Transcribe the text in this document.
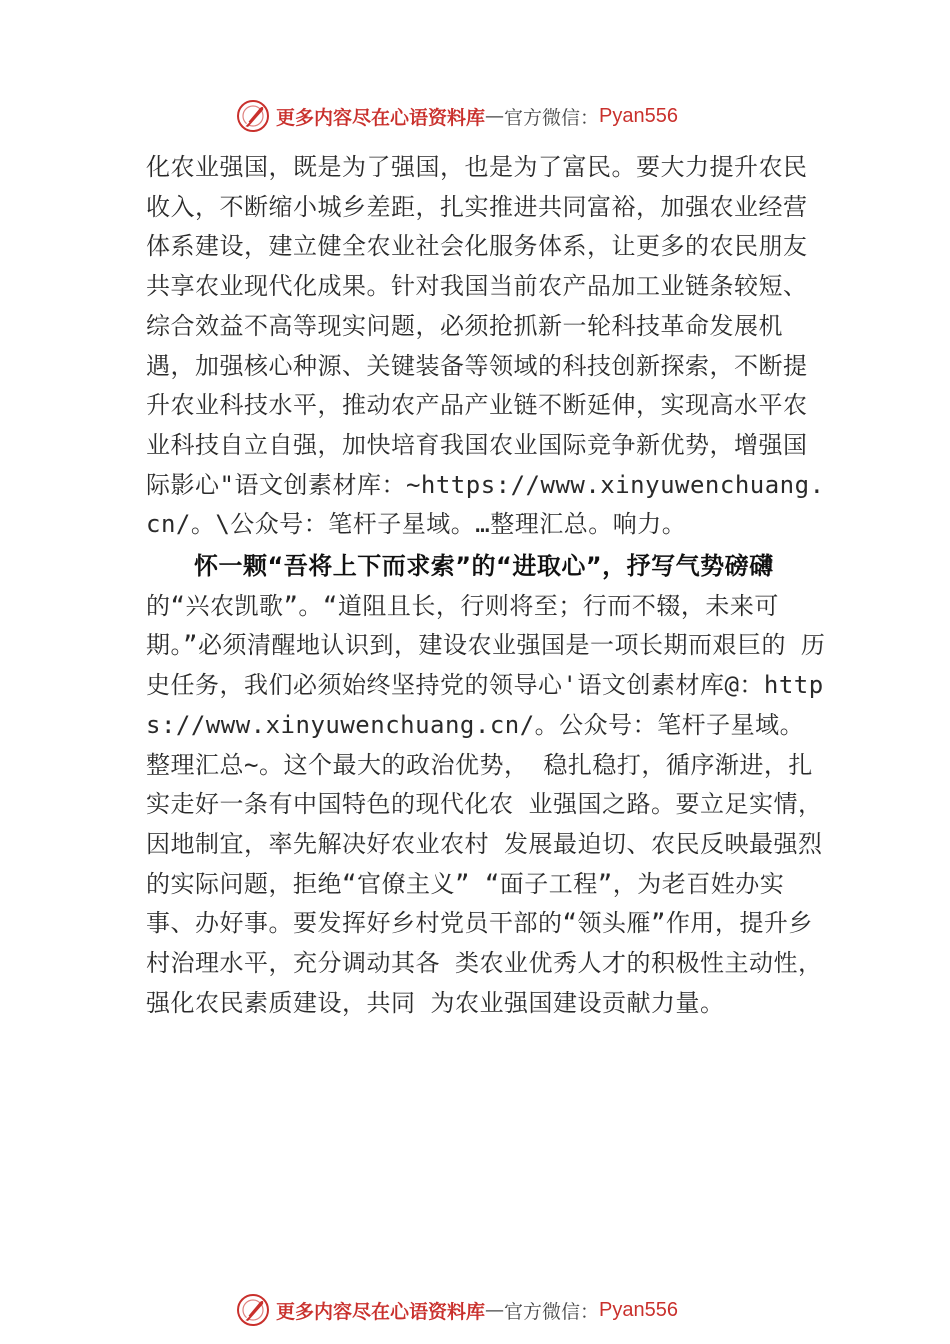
更多内容尽在心语资料库 — 官方微信： Pyan556

化农业强国，既是为了强国，也是为了富民。要大力提升农民收入，不断缩小城乡差距，扎实推进共同富裕，加强农业经营体系建设，建立健全农业社会化服务体系，让更多的农民朋友共享农业现代化成果。针对我国当前农产品加工业链条较短、综合效益不高等现实问题，必须抢抓新一轮科技革命发展机遇，加强核心种源、关键装备等领域的科技创新探索，不断提升农业科技水平，推动农产品产业链不断延伸，实现高水平农业科技自立自强，加快培育我国农业国际竞争新优势，增强国际影心"语文创素材库：~https://www.xinyuwenchuang.cn/。\公众号：笔杆子星域。…整理汇总。响力。

怀一颗“吾将上下而求索”的“进取心”，抒写气势磅礴的“兴农凯歌”。“道阻且长，行则将至；行而不辍，未来可期。”必须清醒地认识到，建设农业强国是一项长期而艰巨的 历史任务，我们必须始终坚持党的领导心'语文创素材库@：https://www.xinyuwenchuang.cn/。公众号：笔杆子星域。整理汇总~。这个最大的政治优势， 稳扎稳打，循序渐进，扎实走好一条有中国特色的现代化农 业强国之路。要立足实情，因地制宜，率先解决好农业农村 发展最迫切、农民反映最强烈的实际问题，拒绝“官僚主义” “面子工程”，为老百姓办实事、办好事。要发挥好乡村党员干部的“领头雁”作用，提升乡村治理水平，充分调动其各 类农业优秀人才的积极性主动性，强化农民素质建设，共同 为农业强国建设贡献力量。

更多内容尽在心语资料库 — 官方微信： Pyan556
